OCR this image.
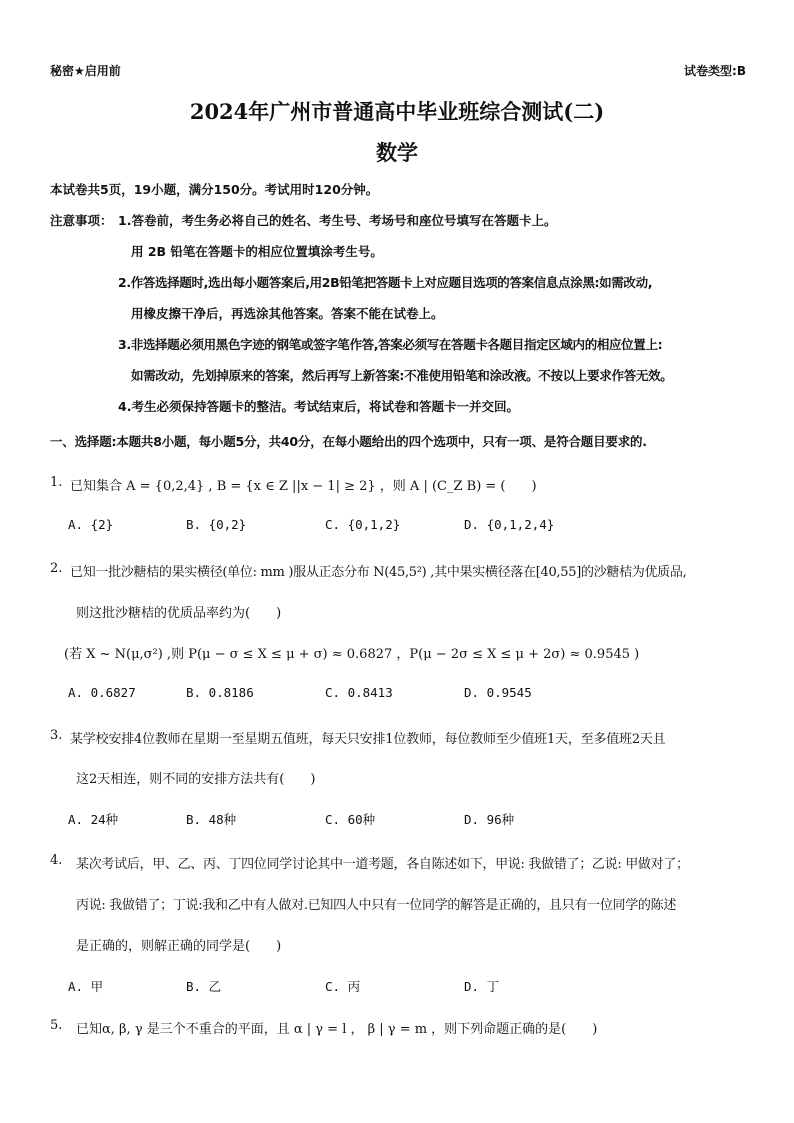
秘密★启用前	试卷类型:B
2024年广州市普通高中毕业班综合测试(二)
数学
本试卷共5页，19小题，满分150分。考试用时120分钟。
注意事项： 1.答卷前，考生务必将自己的姓名、考生号、考场号和座位号填写在答题卡上。
用 2B 铅笔在答题卡的相应位置填涂考生号。
2.作答选择题时,选出每小题答案后,用2B铅笔把答题卡上对应题目选项的答案信息点涂黑:如需改动,
用橡皮擦干净后，再选涂其他答案。答案不能在试卷上。
3.非选择题必须用黑色字迹的钢笔或签字笔作答,答案必须写在答题卡各题目指定区域内的相应位置上:
如需改动，先划掉原来的答案，然后再写上新答案:不准使用铅笔和涂改液。不按以上要求作答无效。
4.考生必须保持答题卡的整洁。考试结束后，将试卷和答题卡一并交回。
一、选择题:本题共8小题，每小题5分，共40分，在每小题给出的四个选项中，只有一项、是符合题目要求的.
1. 已知集合 A = {0,2,4} , B = {x ∈ Z ||x − 1| ≥ 2} ，则 A | (C_Z B) = (　　)
A. {2}	B. {0,2}	C. {0,1,2}	D. {0,1,2,4}
2. 已知一批沙糖桔的果实横径(单位: mm )服从正态分布 N(45,5²) ,其中果实横径落在[40,55]的沙糖桔为优质品,
则这批沙糖桔的优质品率约为(　　)
(若 X ~ N(μ,σ²) ,则 P(μ − σ ≤ X ≤ μ + σ) ≈ 0.6827 ，P(μ − 2σ ≤ X ≤ μ + 2σ) ≈ 0.9545 )
A. 0.6827	B. 0.8186	C. 0.8413	D. 0.9545
3. 某学校安排4位教师在星期一至星期五值班，每天只安排1位教师，每位教师至少值班1天，至多值班2天且
这2天相连，则不同的安排方法共有(　　)
A. 24种	B. 48种	C. 60种	D. 96种
4. 某次考试后，甲、乙、丙、丁四位同学讨论其中一道考题，各自陈述如下，甲说: 我做错了；乙说: 甲做对了；
丙说: 我做错了；丁说:我和乙中有人做对.已知四人中只有一位同学的解答是正确的，且只有一位同学的陈述
是正确的，则解正确的同学是(　　)
A. 甲	B. 乙	C. 丙	D. 丁
5. 已知α, β, γ 是三个不重合的平面，且 α | γ = l ， β | γ = m ，则下列命题正确的是(　　)
